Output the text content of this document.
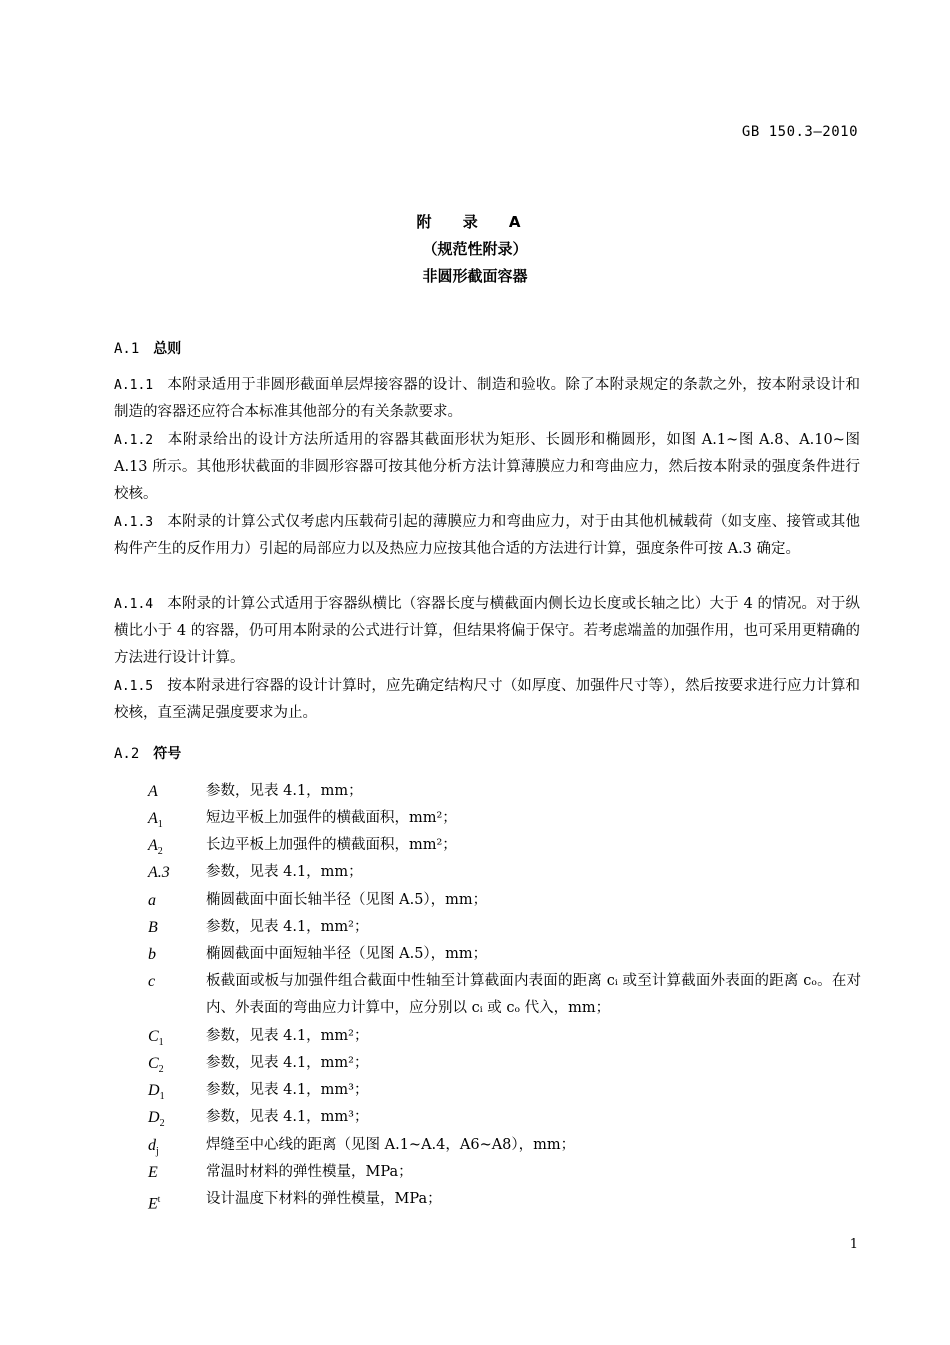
GB 150.3—2010
附 录 A
（规范性附录）
非圆形截面容器
A.1 总则
A.1.1 本附录适用于非圆形截面单层焊接容器的设计、制造和验收。除了本附录规定的条款之外，按本附录设计和制造的容器还应符合本标准其他部分的有关条款要求。
A.1.2 本附录给出的设计方法所适用的容器其截面形状为矩形、长圆形和椭圆形，如图 A.1~图 A.8、A.10~图 A.13 所示。其他形状截面的非圆形容器可按其他分析方法计算薄膜应力和弯曲应力，然后按本附录的强度条件进行校核。
A.1.3 本附录的计算公式仅考虑内压载荷引起的薄膜应力和弯曲应力，对于由其他机械载荷（如支座、接管或其他构件产生的反作用力）引起的局部应力以及热应力应按其他合适的方法进行计算，强度条件可按 A.3 确定。
A.1.4 本附录的计算公式适用于容器纵横比（容器长度与横截面内侧长边长度或长轴之比）大于 4 的情况。对于纵横比小于 4 的容器，仍可用本附录的公式进行计算，但结果将偏于保守。若考虑端盖的加强作用，也可采用更精确的方法进行设计计算。
A.1.5 按本附录进行容器的设计计算时，应先确定结构尺寸（如厚度、加强件尺寸等），然后按要求进行应力计算和校核，直至满足强度要求为止。
A.2 符号
A	参数，见表 4.1，mm；
$A_1$	短边平板上加强件的横截面积，mm²；
$A_2$	长边平板上加强件的横截面积，mm²；
A.3 参数，见表 4.1，mm；
a	椭圆截面中面长轴半径（见图 A.5），mm；
B	参数，见表 4.1，mm²；
b	椭圆截面中面短轴半径（见图 A.5），mm；
c	板截面或板与加强件组合截面中性轴至计算截面内表面的距离 cᵢ 或至计算截面外表面的距离 cₒ。在对内、外表面的弯曲应力计算中，应分别以 cᵢ 或 cₒ 代入，mm；
$C_1$	参数，见表 4.1，mm²；
$C_2$	参数，见表 4.1，mm²；
$D_1$	参数，见表 4.1，mm³；
$D_2$	参数，见表 4.1，mm³；
$d_j$	焊缝至中心线的距离（见图 A.1~A.4，A6~A8），mm；
E	常温时材料的弹性模量，MPa；
$E^t$	设计温度下材料的弹性模量，MPa；
1
